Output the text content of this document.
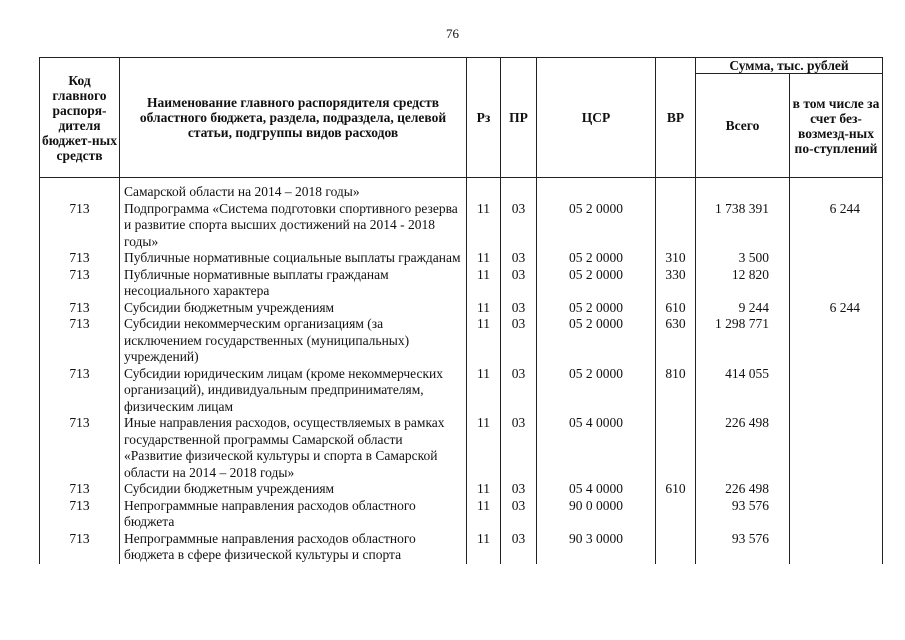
76
Код главного распоря-дителя бюджет-ных средств	Наименование главного распорядителя средств областного бюджета, раздела, подраздела, целевой статьи, подгруппы видов расходов	Рз	ПР	ЦСР	ВР	Сумма, тыс. рублей	
						Всего	в том числе за счет без-возмезд-ных по-ступлений
	Самарской области на 2014 – 2018 годы»						
713	Подпрограмма «Система подготовки спортивного резерва и развитие спорта высших достижений на 2014 - 2018 годы»	11	03	05 2 0000		1 738 391	6 244
713	Публичные нормативные социальные выплаты гражданам	11	03	05 2 0000	310	3 500	
713	Публичные нормативные выплаты гражданам несоциального характера	11	03	05 2 0000	330	12 820	
713	Субсидии бюджетным учреждениям	11	03	05 2 0000	610	9 244	6 244
713	Субсидии некоммерческим организациям (за исключением государственных (муниципальных) учреждений)	11	03	05 2 0000	630	1 298 771	
713	Субсидии юридическим лицам (кроме некоммерческих организаций), индивидуальным предпринимателям, физическим лицам	11	03	05 2 0000	810	414 055	
713	Иные направления расходов, осуществляемых в рамках государственной программы Самарской области «Развитие физической культуры и спорта в Самарской области на 2014 – 2018 годы»	11	03	05 4 0000		226 498	
713	Субсидии бюджетным учреждениям	11	03	05 4 0000	610	226 498	
713	Непрограммные направления расходов областного бюджета	11	03	90 0 0000		93 576	
713	Непрограммные направления расходов областного бюджета в сфере физической культуры и спорта	11	03	90 3 0000		93 576	
